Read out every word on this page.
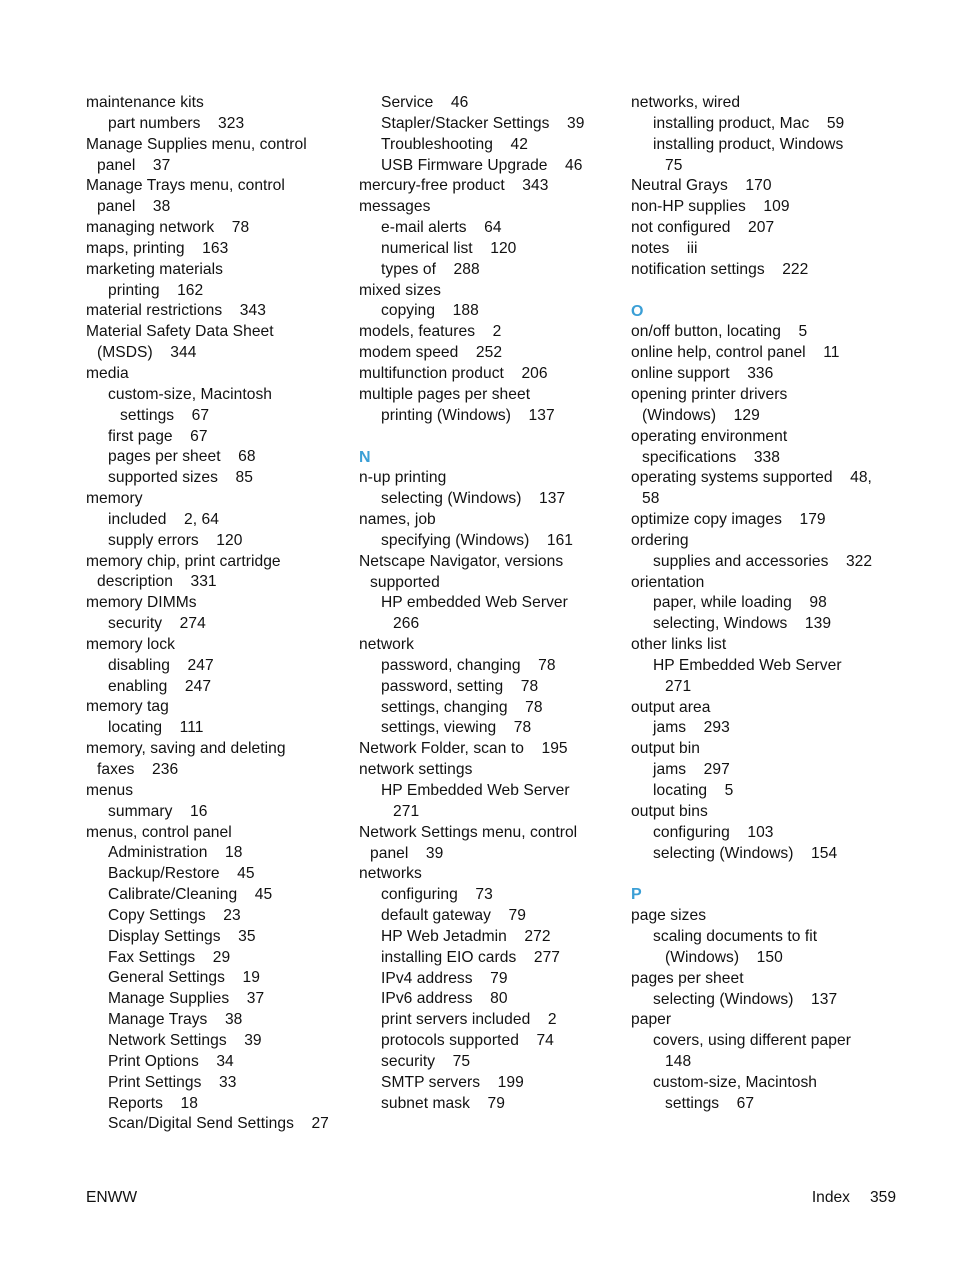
maintenance kits
part numbers    323
Manage Supplies menu, control
panel    37
Manage Trays menu, control
panel    38
managing network    78
maps, printing    163
marketing materials
printing    162
material restrictions    343
Material Safety Data Sheet
(MSDS)    344
media
custom-size, Macintosh
settings    67
first page    67
pages per sheet    68
supported sizes    85
memory
included    2, 64
supply errors    120
memory chip, print cartridge
description    331
memory DIMMs
security    274
memory lock
disabling    247
enabling    247
memory tag
locating    111
memory, saving and deleting
faxes    236
menus
summary    16
menus, control panel
Administration    18
Backup/Restore    45
Calibrate/Cleaning    45
Copy Settings    23
Display Settings    35
Fax Settings    29
General Settings    19
Manage Supplies    37
Manage Trays    38
Network Settings    39
Print Options    34
Print Settings    33
Reports    18
Scan/Digital Send Settings    27
Service    46
Stapler/Stacker Settings    39
Troubleshooting    42
USB Firmware Upgrade    46
mercury-free product    343
messages
e-mail alerts    64
numerical list    120
types of    288
mixed sizes
copying    188
models, features    2
modem speed    252
multifunction product    206
multiple pages per sheet
printing (Windows)    137
N
n-up printing
selecting (Windows)    137
names, job
specifying (Windows)    161
Netscape Navigator, versions
supported
HP embedded Web Server
266
network
password, changing    78
password, setting    78
settings, changing    78
settings, viewing    78
Network Folder, scan to    195
network settings
HP Embedded Web Server
271
Network Settings menu, control
panel    39
networks
configuring    73
default gateway    79
HP Web Jetadmin    272
installing EIO cards    277
IPv4 address    79
IPv6 address    80
print servers included    2
protocols supported    74
security    75
SMTP servers    199
subnet mask    79
networks, wired
installing product, Mac    59
installing product, Windows
75
Neutral Grays    170
non-HP supplies    109
not configured    207
notes    iii
notification settings    222
O
on/off button, locating    5
online help, control panel    11
online support    336
opening printer drivers
(Windows)    129
operating environment
specifications    338
operating systems supported    48,
58
optimize copy images    179
ordering
supplies and accessories    322
orientation
paper, while loading    98
selecting, Windows    139
other links list
HP Embedded Web Server
271
output area
jams    293
output bin
jams    297
locating    5
output bins
configuring    103
selecting (Windows)    154
P
page sizes
scaling documents to fit
(Windows)    150
pages per sheet
selecting (Windows)    137
paper
covers, using different paper
148
custom-size, Macintosh
settings    67
ENWW	Index 359
